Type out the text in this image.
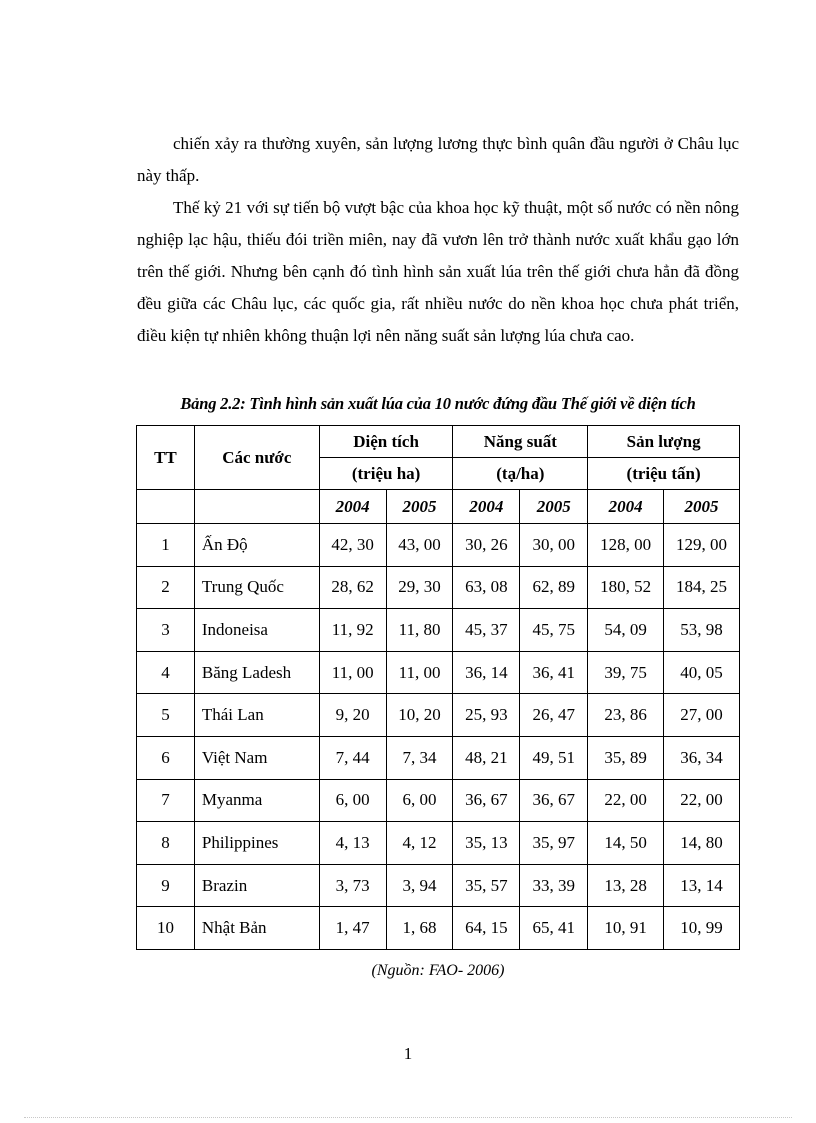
chiến xảy ra thường xuyên, sản lượng lương thực bình quân đầu người ở Châu lục này thấp.

Thế kỷ 21 với sự tiến bộ vượt bậc của khoa học kỹ thuật, một số nước có nền nông nghiệp lạc hậu, thiếu đói triền miên, nay đã vươn lên trở thành nước xuất khẩu gạo lớn trên thế giới. Nhưng bên cạnh đó tình hình sản xuất lúa trên thế giới chưa hẳn đã đồng đều giữa các Châu lục, các quốc gia, rất nhiều nước do nền khoa học chưa phát triển, điều kiện tự nhiên không thuận lợi nên năng suất sản lượng lúa chưa cao.

Bảng 2.2: Tình hình sản xuất lúa của 10 nước đứng đầu Thế giới về diện tích
TT	Các nước	Diện tích		Năng suất		Sản lượng	
		(triệu ha)		(tạ/ha)		(triệu tấn)	
		2004	2005	2004	2005	2004	2005
1	Ấn Độ	42, 30	43, 00	30, 26	30, 00	128, 00	129, 00
2	Trung Quốc	28, 62	29, 30	63, 08	62, 89	180, 52	184, 25
3	Indoneisa	11, 92	11, 80	45, 37	45, 75	54, 09	53, 98
4	Băng Ladesh	11, 00	11, 00	36, 14	36, 41	39, 75	40, 05
5	Thái Lan	9, 20	10, 20	25, 93	26, 47	23, 86	27, 00
6	Việt Nam	7, 44	7, 34	48, 21	49, 51	35, 89	36, 34
7	Myanma	6, 00	6, 00	36, 67	36, 67	22, 00	22, 00
8	Philippines	4, 13	4, 12	35, 13	35, 97	14, 50	14, 80
9	Brazin	3, 73	3, 94	35, 57	33, 39	13, 28	13, 14
10	Nhật Bản	1, 47	1, 68	64, 15	65, 41	10, 91	10, 99
(Nguồn: FAO- 2006)
1
